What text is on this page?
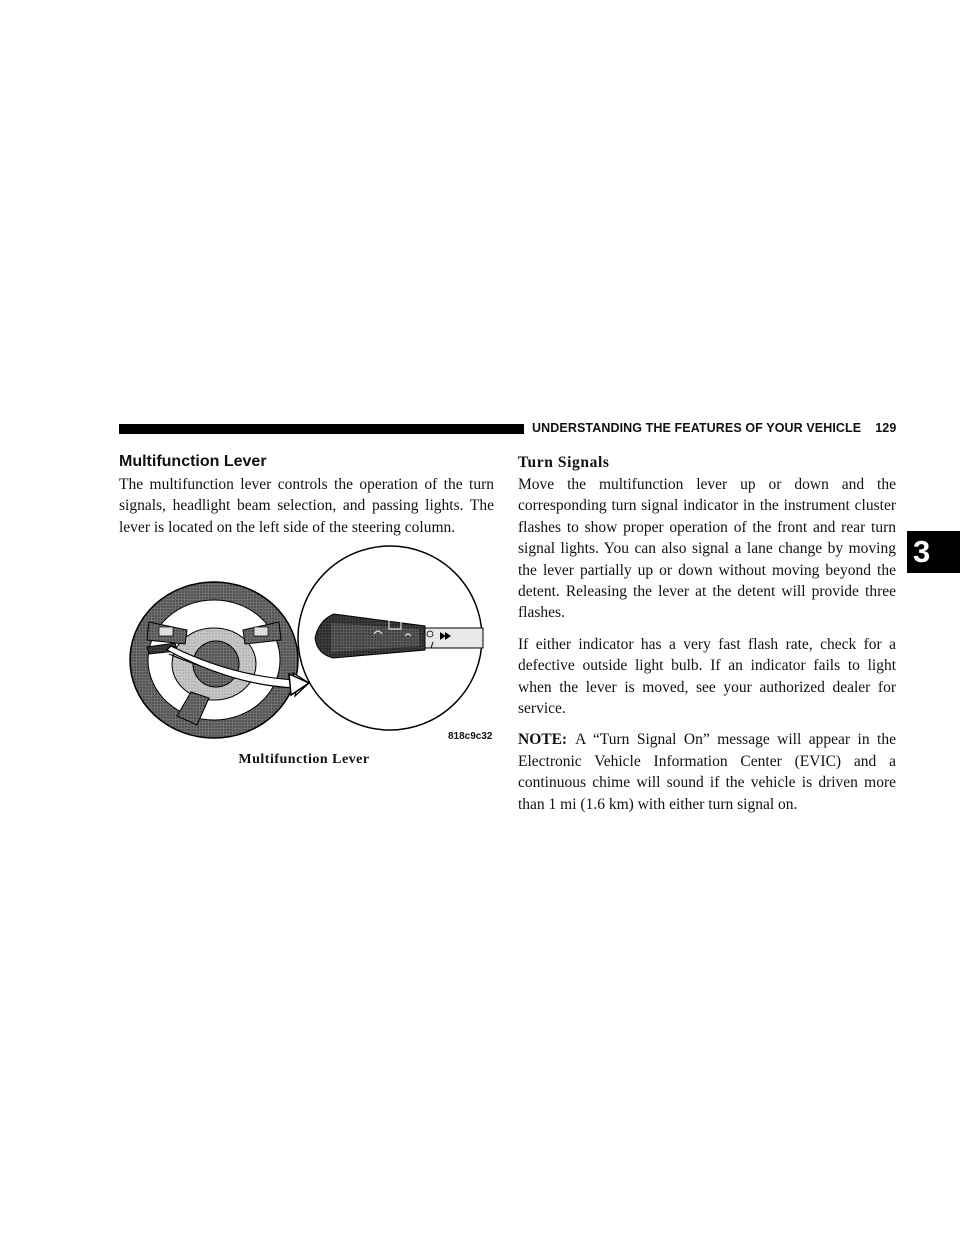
UNDERSTANDING THE FEATURES OF YOUR VEHICLE 129
3
Multifunction Lever

The multifunction lever controls the operation of the turn signals, headlight beam selection, and passing lights. The lever is located on the left side of the steering column.

818c9c32
Multifunction Lever
Turn Signals

Move the multifunction lever up or down and the corresponding turn signal indicator in the instrument cluster flashes to show proper operation of the front and rear turn signal lights. You can also signal a lane change by moving the lever partially up or down without moving beyond the detent. Releasing the lever at the detent will provide three flashes.

If either indicator has a very fast flash rate, check for a defective outside light bulb. If an indicator fails to light when the lever is moved, see your authorized dealer for service.

NOTE: A “Turn Signal On” message will appear in the Electronic Vehicle Information Center (EVIC) and a continuous chime will sound if the vehicle is driven more than 1 mi (1.6 km) with either turn signal on.
